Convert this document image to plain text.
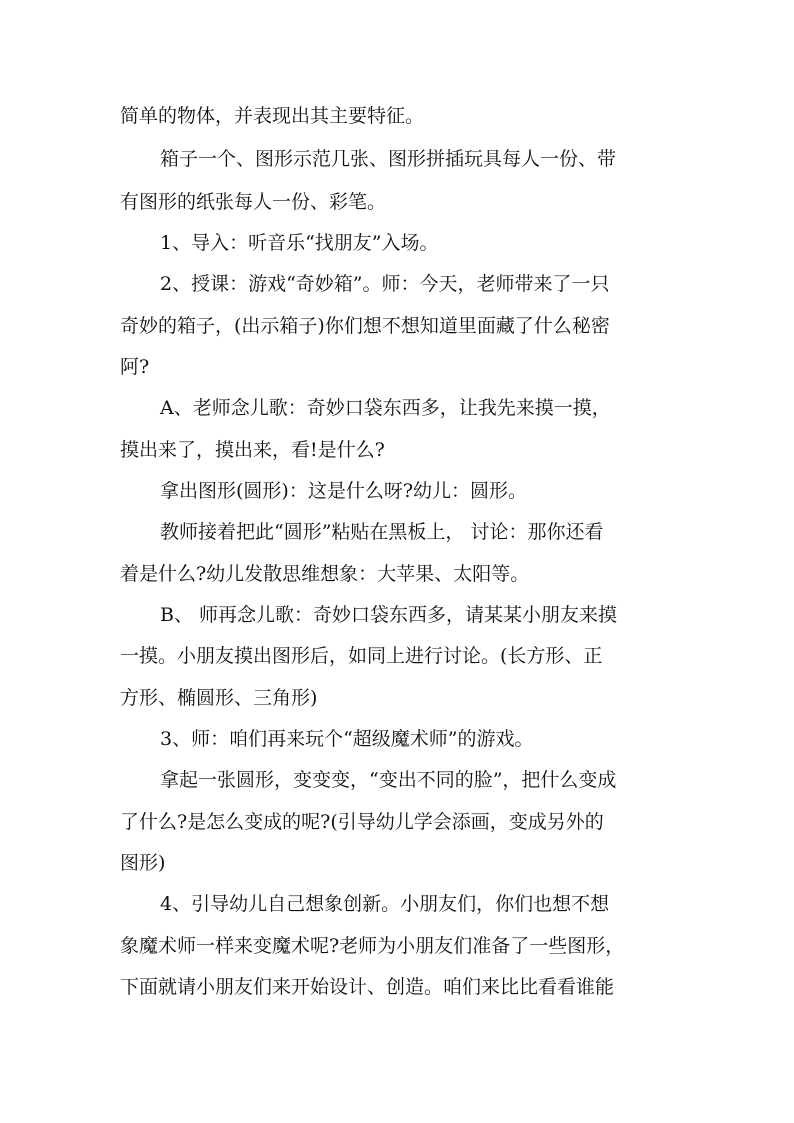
简单的物体，并表现出其主要特征。
箱子一个、图形示范几张、图形拼插玩具每人一份、带
有图形的纸张每人一份、彩笔。
1、导入：听音乐“找朋友”入场。
2、授课：游戏“奇妙箱”。师：今天，老师带来了一只
奇妙的箱子，(出示箱子)你们想不想知道里面藏了什么秘密
阿?
A、老师念儿歌：奇妙口袋东西多，让我先来摸一摸，
摸出来了，摸出来，看!是什么?
拿出图形(圆形)：这是什么呀?幼儿：圆形。
教师接着把此“圆形”粘贴在黑板上， 讨论：那你还看
着是什么?幼儿发散思维想象：大苹果、太阳等。
B、 师再念儿歌：奇妙口袋东西多，请某某小朋友来摸
一摸。小朋友摸出图形后，如同上进行讨论。(长方形、正
方形、椭圆形、三角形)
3、师：咱们再来玩个“超级魔术师”的游戏。
拿起一张圆形，变变变，“变出不同的脸”，把什么变成
了什么?是怎么变成的呢?(引导幼儿学会添画，变成另外的
图形)
4、引导幼儿自己想象创新。小朋友们，你们也想不想
象魔术师一样来变魔术呢?老师为小朋友们准备了一些图形，
下面就请小朋友们来开始设计、创造。咱们来比比看看谁能
